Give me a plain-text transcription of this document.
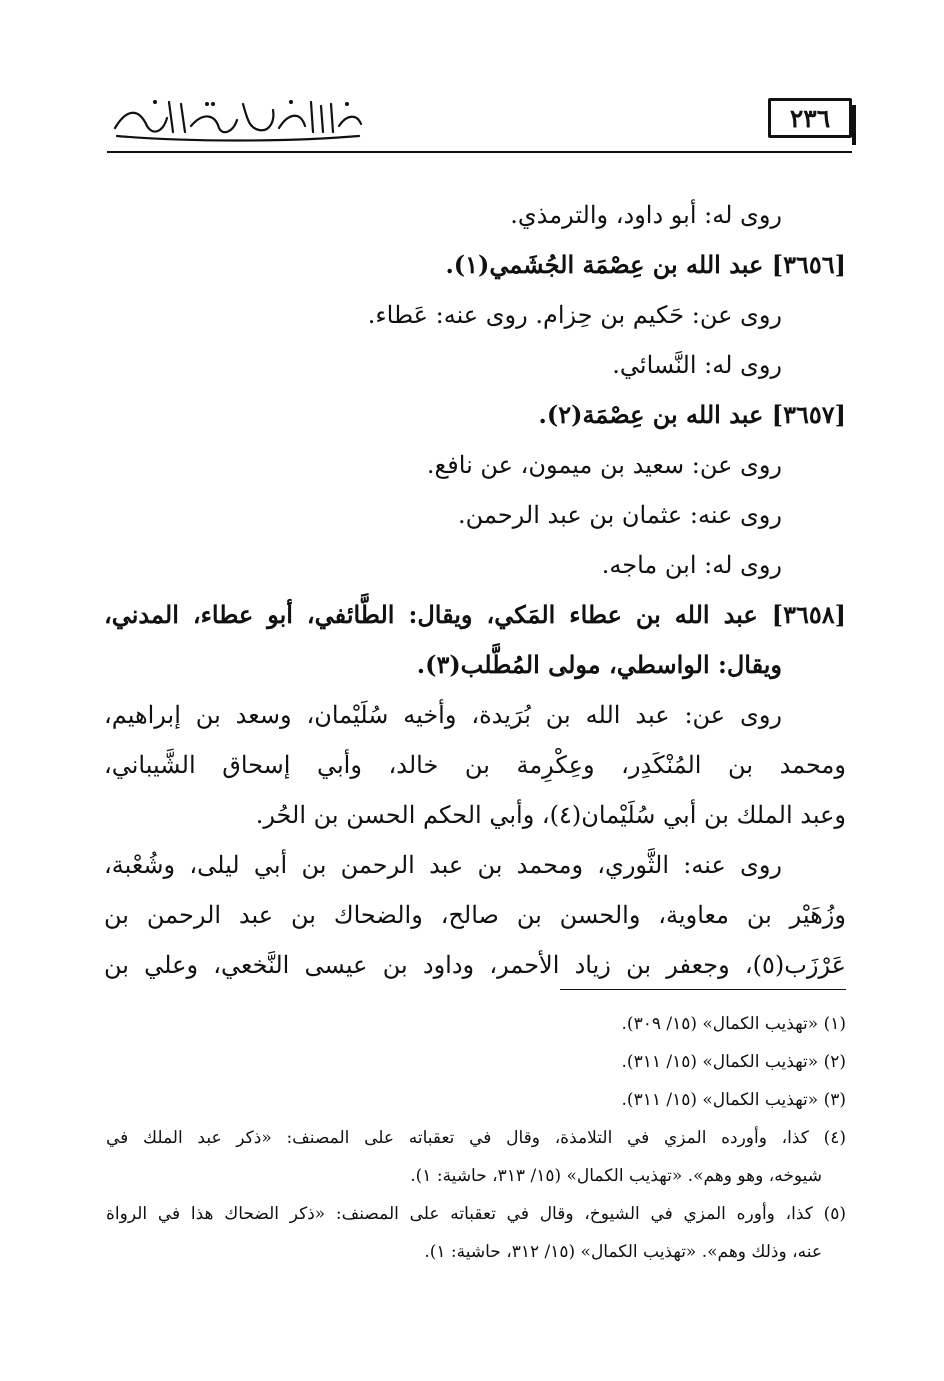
٢٣٦
روى له: أبو داود، والترمذي.
[٣٦٥٦] عبد الله بن عِصْمَة الجُشَمي(١).
روى عن: حَكيم بن حِزام. روى عنه: عَطاء.
روى له: النَّسائي.
[٣٦٥٧] عبد الله بن عِصْمَة(٢).
روى عن: سعيد بن ميمون، عن نافع.
روى عنه: عثمان بن عبد الرحمن.
روى له: ابن ماجه.
[٣٦٥٨] عبد الله بن عطاء المَكي، ويقال: الطَّائفي، أبو عطاء، المدني،
ويقال: الواسطي، مولى المُطَّلب(٣).
روى عن: عبد الله بن بُرَيدة، وأخيه سُلَيْمان، وسعد بن إبراهيم،
ومحمد بن المُنْكَدِر، وعِكْرِمة بن خالد، وأبي إسحاق الشَّيباني،
وعبد الملك بن أبي سُلَيْمان(٤)، وأبي الحكم الحسن بن الحُر.
روى عنه: الثَّوري، ومحمد بن عبد الرحمن بن أبي ليلى، وشُعْبة،
وزُهَيْر بن معاوية، والحسن بن صالح، والضحاك بن عبد الرحمن بن
عَرْزَب(٥)، وجعفر بن زياد الأحمر، وداود بن عيسى النَّخعي، وعلي بن
(١) «تهذيب الكمال» (١٥/ ٣٠٩).
(٢) «تهذيب الكمال» (١٥/ ٣١١).
(٣) «تهذيب الكمال» (١٥/ ٣١١).
(٤) كذا، وأورده المزي في التلامذة، وقال في تعقباته على المصنف: «ذكر عبد الملك في
شيوخه، وهو وهم». «تهذيب الكمال» (١٥/ ٣١٣، حاشية: ١).
(٥) كذا، وأوره المزي في الشيوخ، وقال في تعقباته على المصنف: «ذكر الضحاك هذا في الرواة
عنه، وذلك وهم». «تهذيب الكمال» (١٥/ ٣١٢، حاشية: ١).
